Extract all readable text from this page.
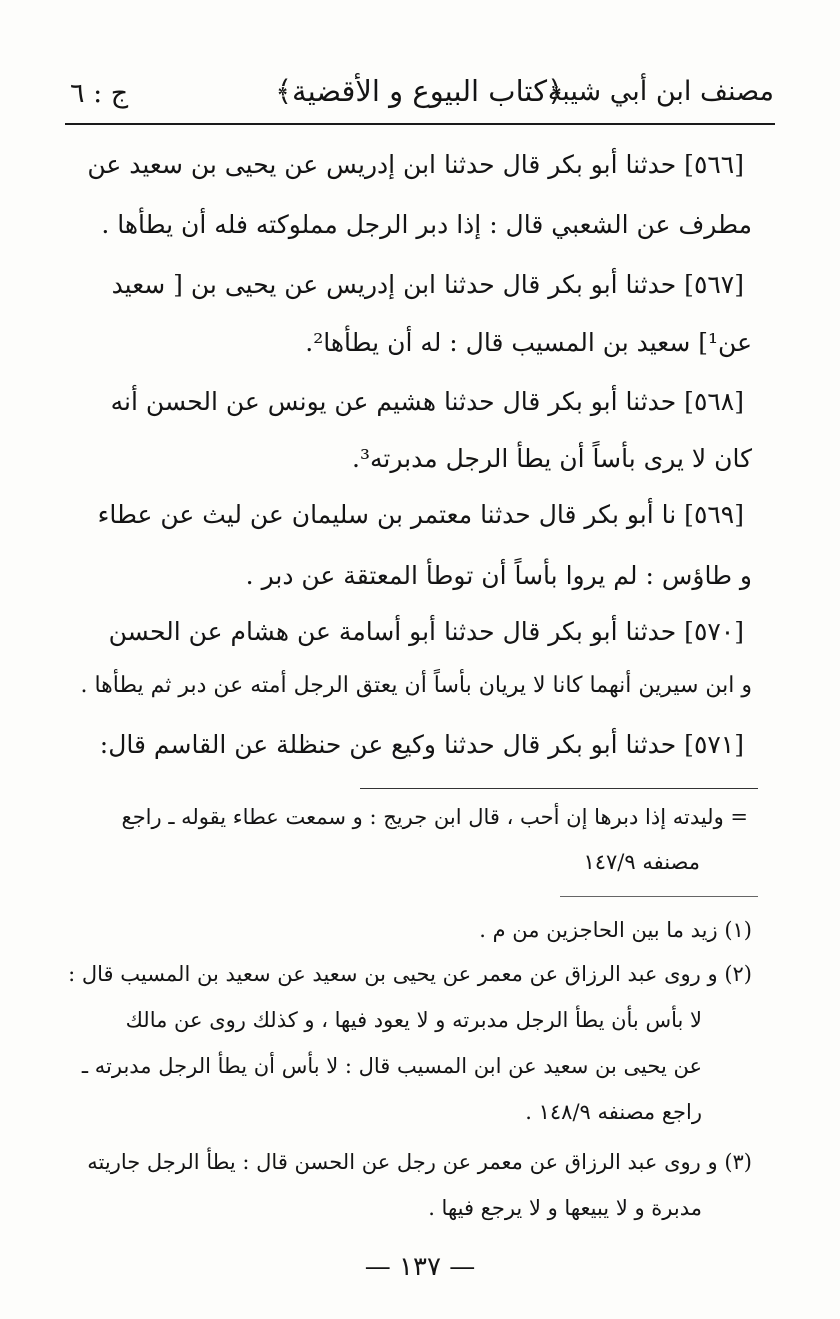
مصنف ابن أبي شيبة
﴿كتاب البيوع و الأقضية﴾
ج : ٦
[٥٦٦] حدثنا أبو بكر قال حدثنا ابن إدريس عن يحيى بن سعيد عن
مطرف عن الشعبي قال : إذا دبر الرجل مملوكته فله أن يطأها .
[٥٦٧] حدثنا أبو بكر قال حدثنا ابن إدريس عن يحيى بن [ سعيد
عن¹] سعيد بن المسيب قال : له أن يطأها².
[٥٦٨] حدثنا أبو بكر قال حدثنا هشيم عن يونس عن الحسن أنه
كان لا يرى بأساً أن يطأ الرجل مدبرته³.
[٥٦٩] نا أبو بكر قال حدثنا معتمر بن سليمان عن ليث عن عطاء
و طاؤس : لم يروا بأساً أن توطأ المعتقة عن دبر .
[٥٧٠] حدثنا أبو بكر قال حدثنا أبو أسامة عن هشام عن الحسن
و ابن سيرين أنهما كانا لا يريان بأساً أن يعتق الرجل أمته عن دبر ثم يطأها .
[٥٧١] حدثنا أبو بكر قال حدثنا وكيع عن حنظلة عن القاسم قال:
= وليدته إذا دبرها إن أحب ، قال ابن جريج : و سمعت عطاء يقوله ـ راجع
مصنفه ١٤٧/٩
(١) زيد ما بين الحاجزين من م .
(٢) و روى عبد الرزاق عن معمر عن يحيى بن سعيد عن سعيد بن المسيب قال :
لا بأس بأن يطأ الرجل مدبرته و لا يعود فيها ، و كذلك روى عن مالك
عن يحيى بن سعيد عن ابن المسيب قال : لا بأس أن يطأ الرجل مدبرته ـ
راجع مصنفه ١٤٨/٩ .
(٣) و روى عبد الرزاق عن معمر عن رجل عن الحسن قال : يطأ الرجل جاريته
مدبرة و لا يبيعها و لا يرجع فيها .
— ١٣٧ —
